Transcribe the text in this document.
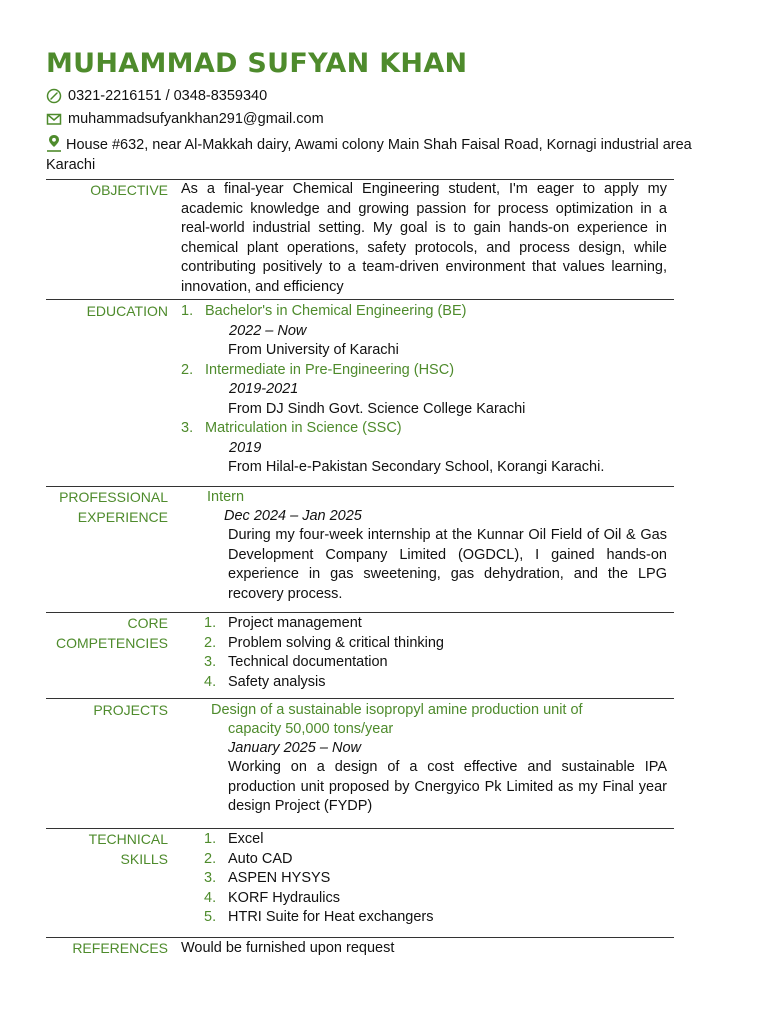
MUHAMMAD SUFYAN KHAN
0321-2216151 / 0348-8359340
muhammadsufyankhan291@gmail.com
House #632, near Al-Makkah dairy, Awami colony Main Shah Faisal Road, Kornagi industrial area Karachi
OBJECTIVE As a final-year Chemical Engineering student, I'm eager to apply my academic knowledge and growing passion for process optimization in a real-world industrial setting. My goal is to gain hands-on experience in chemical plant operations, safety protocols, and process design, while contributing positively to a team-driven environment that values learning, innovation, and efficiency
EDUCATION 1. Bachelor's in Chemical Engineering (BE)
2022 – Now
From University of Karachi
2. Intermediate in Pre-Engineering (HSC)
2019-2021
From DJ Sindh Govt. Science College Karachi
3. Matriculation in Science (SSC)
2019
From Hilal-e-Pakistan Secondary School, Korangi Karachi.
PROFESSIONAL
EXPERIENCE
Intern
Dec 2024 – Jan 2025
During my four-week internship at the Kunnar Oil Field of Oil & Gas Development Company Limited (OGDCL), I gained hands-on experience in gas sweetening, gas dehydration, and the LPG recovery process.
CORE
COMPETENCIES
1. Project management
2. Problem solving & critical thinking
3. Technical documentation
4. Safety analysis
PROJECTS	Design of a sustainable isopropyl amine production unit of
capacity 50,000 tons/year
January 2025 – Now
Working on a design of a cost effective and sustainable IPA production unit proposed by Cnergyico Pk Limited as my Final year design Project (FYDP)
TECHNICAL
SKILLS
1. Excel
2. Auto CAD
3. ASPEN HYSYS
4. KORF Hydraulics
5. HTRI Suite for Heat exchangers
REFERENCES Would be furnished upon request
